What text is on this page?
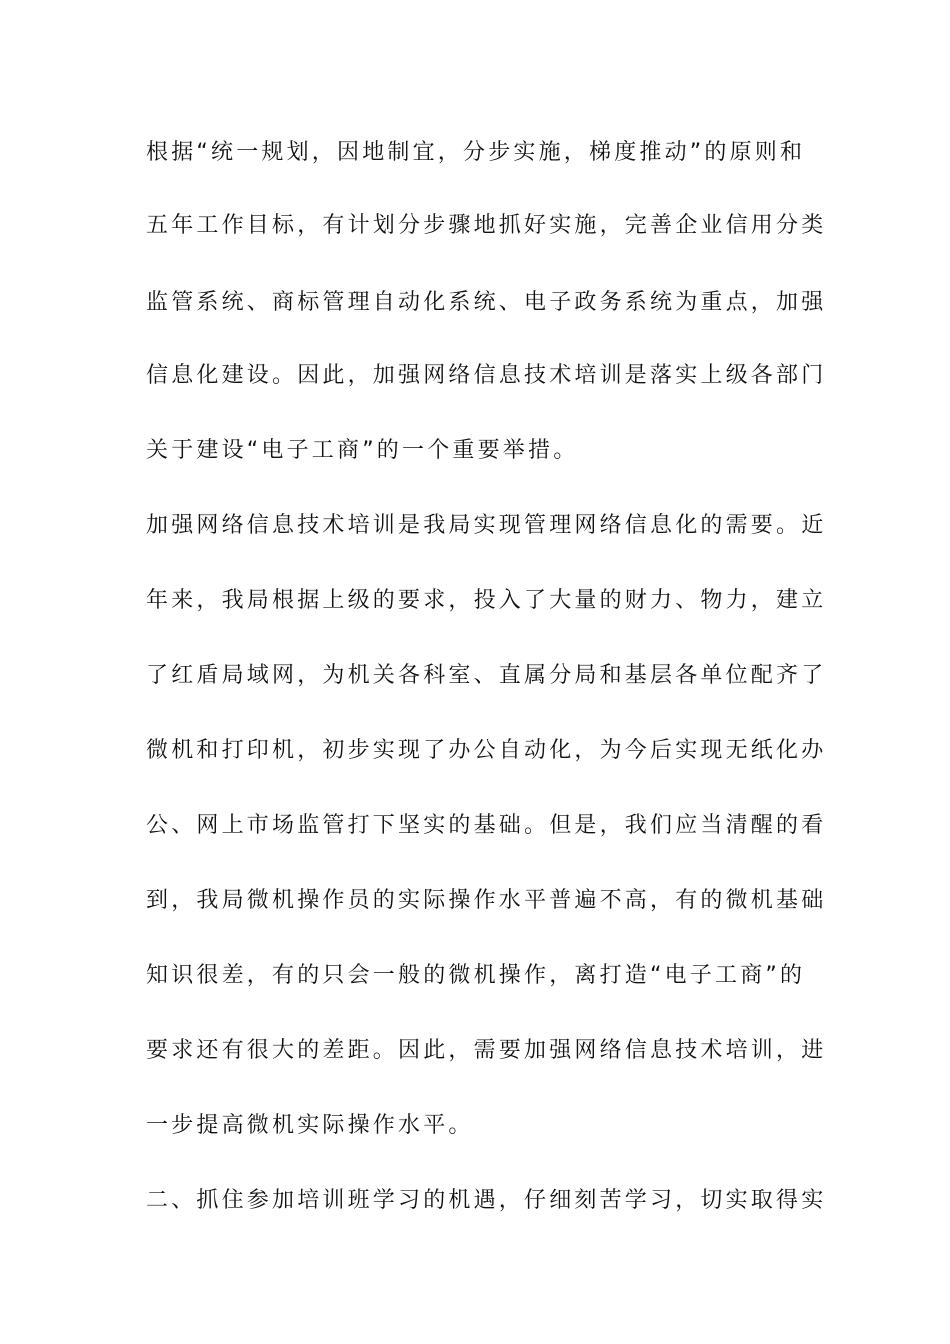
根据“统一规划，因地制宜，分步实施，梯度推动”的原则和
五年工作目标，有计划分步骤地抓好实施，完善企业信用分类
监管系统、商标管理自动化系统、电子政务系统为重点，加强
信息化建设。因此，加强网络信息技术培训是落实上级各部门
关于建设“电子工商”的一个重要举措。
加强网络信息技术培训是我局实现管理网络信息化的需要。近
年来，我局根据上级的要求，投入了大量的财力、物力，建立
了红盾局域网，为机关各科室、直属分局和基层各单位配齐了
微机和打印机，初步实现了办公自动化，为今后实现无纸化办
公、网上市场监管打下坚实的基础。但是，我们应当清醒的看
到，我局微机操作员的实际操作水平普遍不高，有的微机基础
知识很差，有的只会一般的微机操作，离打造“电子工商”的
要求还有很大的差距。因此，需要加强网络信息技术培训，进
一步提高微机实际操作水平。
二、抓住参加培训班学习的机遇，仔细刻苦学习，切实取得实
